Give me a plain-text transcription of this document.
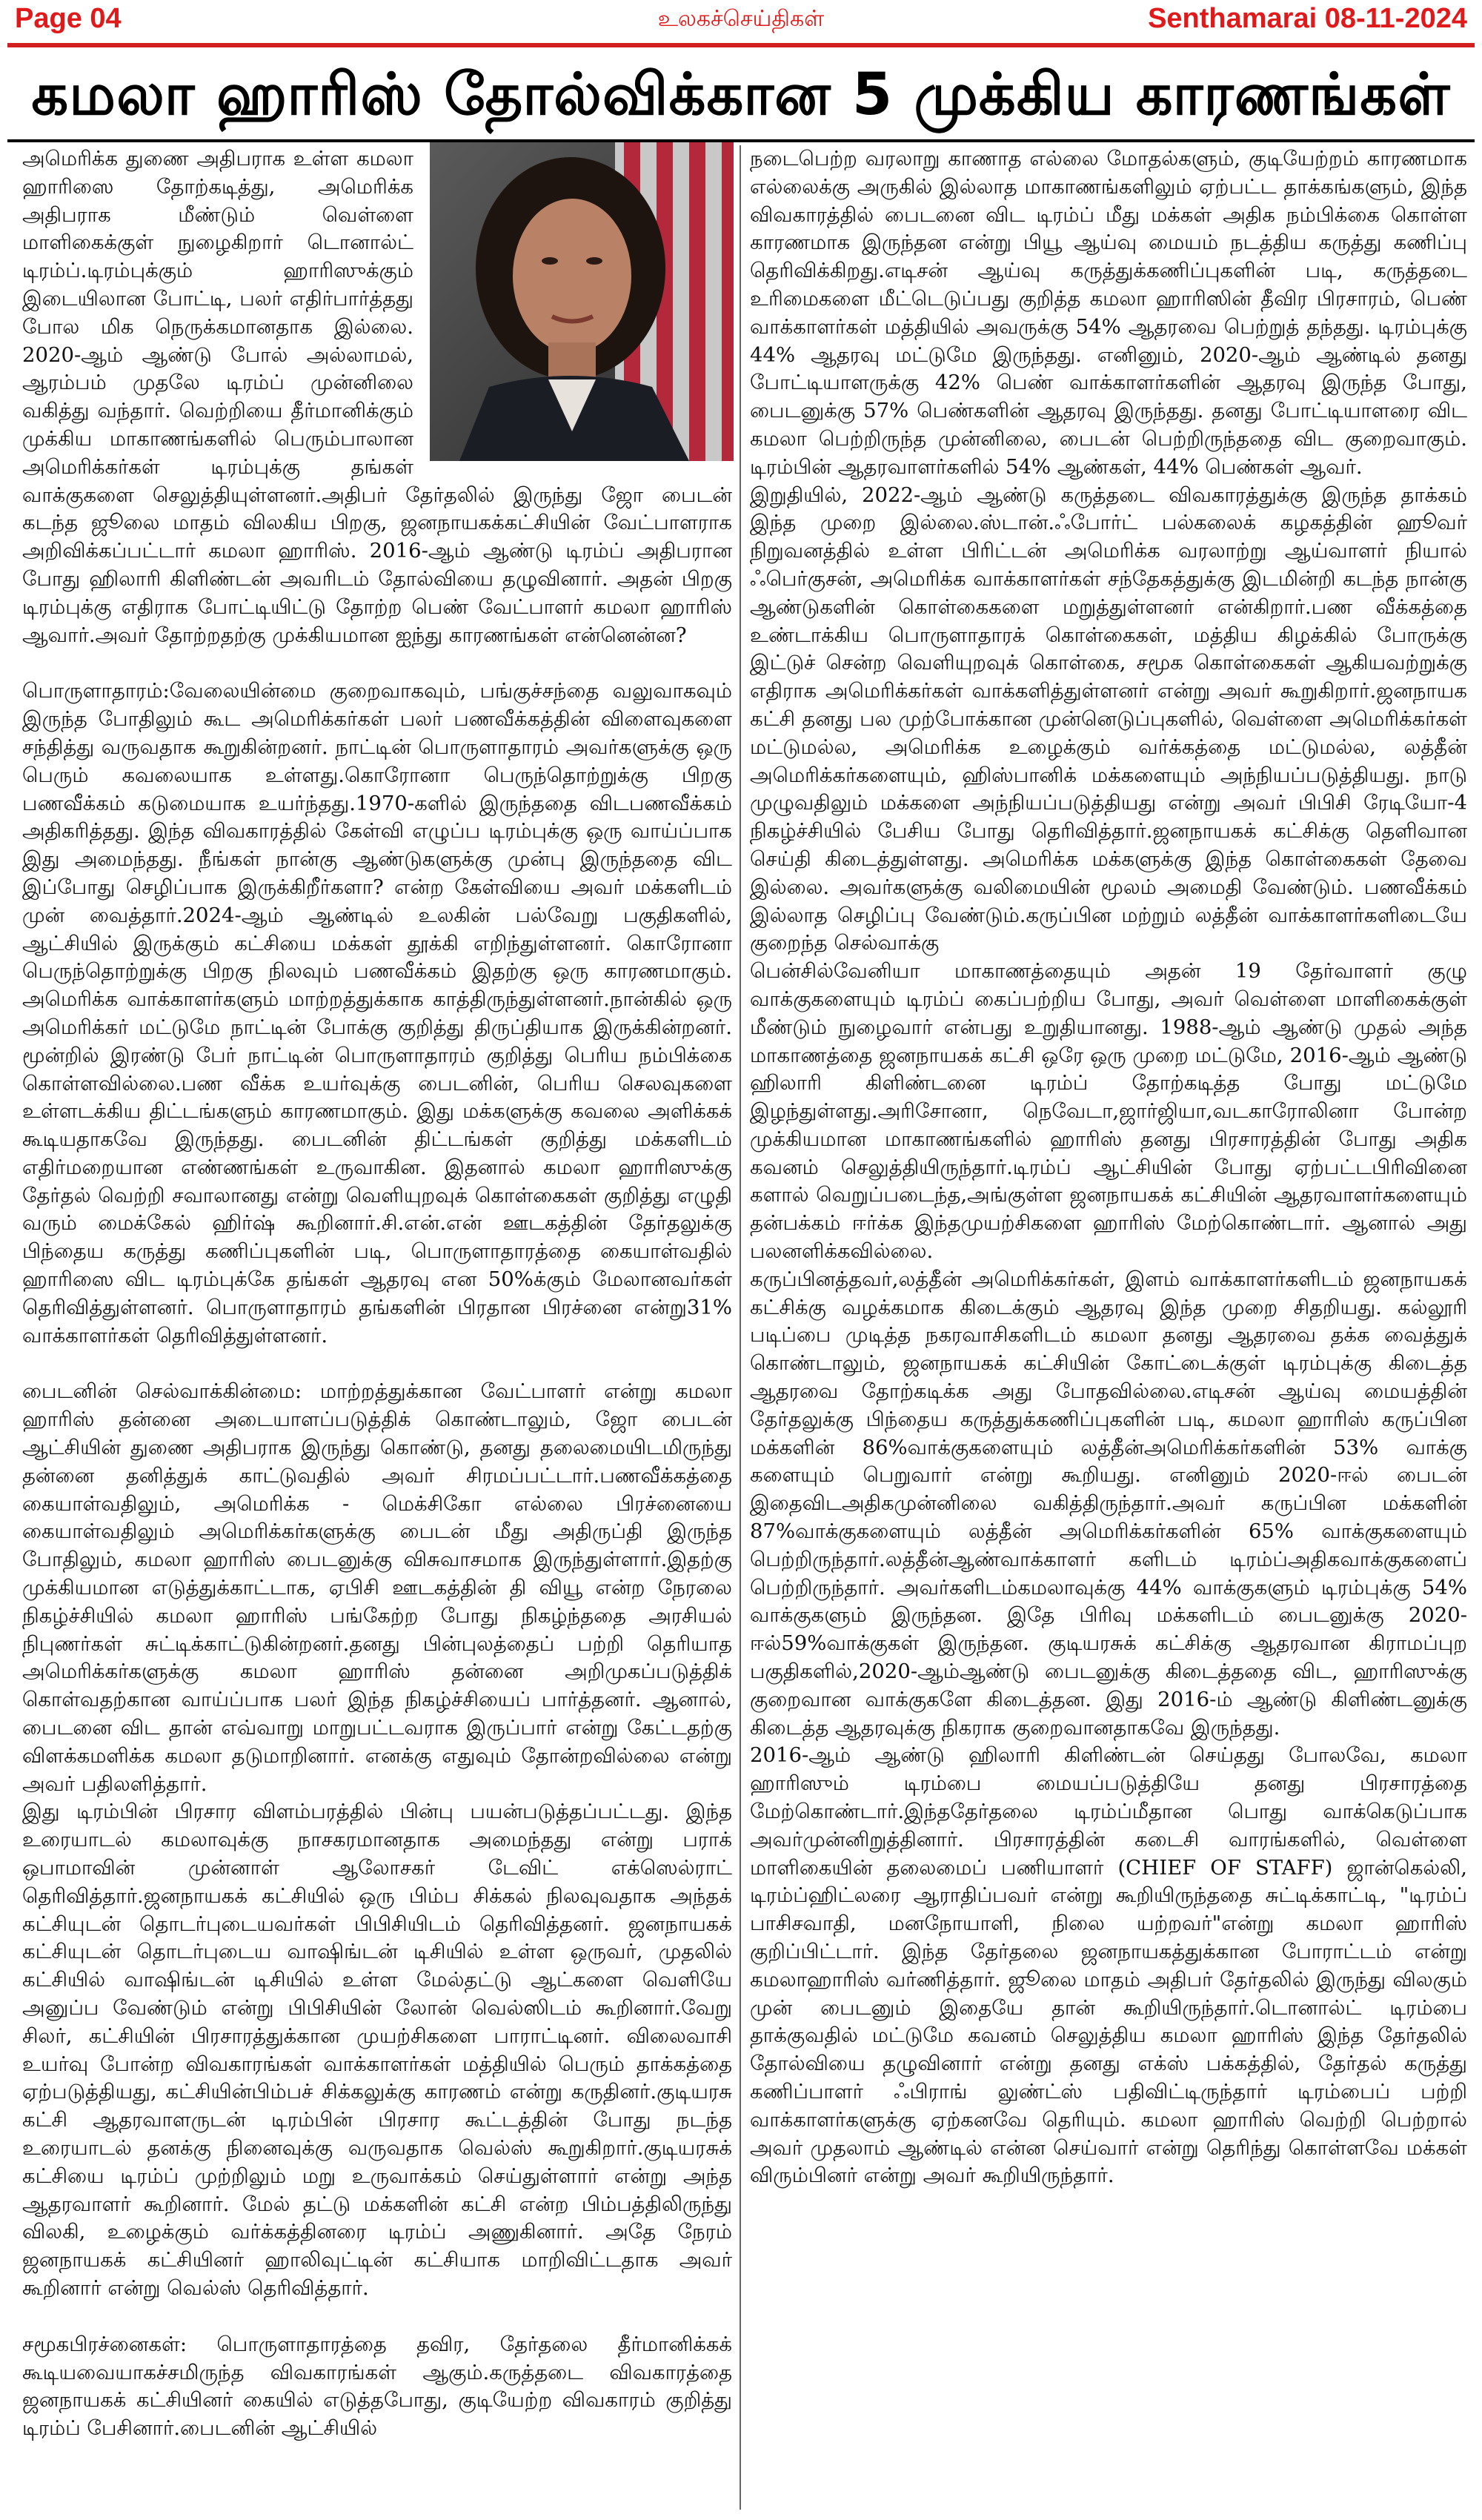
Page 04	உலகச்செய்திகள்	Senthamarai 08-11-2024
கமலா ஹாரிஸ் தோல்விக்கான 5 முக்கிய காரணங்கள்

அமெரிக்க துணை அதிபராக உள்ள கமலா ஹாரிஸை தோற்கடித்து, அமெரிக்க அதிபராக மீண்டும் வெள்ளை மாளிகைக்குள் நுழைகிறார் டொனால்ட் டிரம்ப்.டிரம்புக்கும் ஹாரிஸுக்கும் இடையிலான போட்டி, பலர் எதிர்பார்த்தது போல மிக நெருக்கமானதாக இல்லை. 2020-ஆம் ஆண்டு போல் அல்லாமல், ஆரம்பம் முதலே டிரம்ப் முன்னிலை வகித்து வந்தார். வெற்றியை தீர்மானிக்கும் முக்கிய மாகாணங்களில் பெரும்பாலான அமெரிக்கர்கள் டிரம்புக்கு தங்கள் வாக்குகளை செலுத்தியுள்ளனர்.அதிபர் தேர்தலில் இருந்து ஜோ பைடன் கடந்த ஜூலை மாதம் விலகிய பிறகு, ஜனநாயகக்கட்சியின் வேட்பாளராக அறிவிக்கப்பட்டார் கமலா ஹாரிஸ். 2016-ஆம் ஆண்டு டிரம்ப் அதிபரான போது ஹிலாரி கிளிண்டன் அவரிடம் தோல்வியை தழுவினார். அதன் பிறகு டிரம்புக்கு எதிராக போட்டியிட்டு தோற்ற பெண் வேட்பாளர் கமலா ஹாரிஸ் ஆவார்.அவர் தோற்றதற்கு முக்கியமான ஐந்து காரணங்கள் என்னென்ன?

பொருளாதாரம்:வேலையின்மை குறைவாகவும், பங்குச்சந்தை வலுவாகவும் இருந்த போதிலும் கூட அமெரிக்கர்கள் பலர் பணவீக்கத்தின் விளைவுகளை சந்தித்து வருவதாக கூறுகின்றனர். நாட்டின் பொருளாதாரம் அவர்களுக்கு ஒரு பெரும் கவலையாக உள்ளது.கொரோனா பெருந்தொற்றுக்கு பிறகு பணவீக்கம் கடுமையாக உயர்ந்தது.1970-களில் இருந்ததை விடபணவீக்கம் அதிகரித்தது. இந்த விவகாரத்தில் கேள்வி எழுப்ப டிரம்புக்கு ஒரு வாய்ப்பாக இது அமைந்தது. நீங்கள் நான்கு ஆண்டுகளுக்கு முன்பு இருந்ததை விட இப்போது செழிப்பாக இருக்கிறீர்களா? என்ற கேள்வியை அவர் மக்களிடம் முன் வைத்தார்.2024-ஆம் ஆண்டில் உலகின் பல்வேறு பகுதிகளில், ஆட்சியில் இருக்கும் கட்சியை மக்கள் தூக்கி எறிந்துள்ளனர். கொரோனா பெருந்தொற்றுக்கு பிறகு நிலவும் பணவீக்கம் இதற்கு ஒரு காரணமாகும். அமெரிக்க வாக்காளர்களும் மாற்றத்துக்காக காத்திருந்துள்ளனர்.நான்கில் ஒரு அமெரிக்கர் மட்டுமே நாட்டின் போக்கு குறித்து திருப்தியாக இருக்கின்றனர். மூன்றில் இரண்டு பேர் நாட்டின் பொருளாதாரம் குறித்து பெரிய நம்பிக்கை கொள்ளவில்லை.பண வீக்க உயர்வுக்கு பைடனின், பெரிய செலவுகளை உள்ளடக்கிய திட்டங்களும் காரணமாகும். இது மக்களுக்கு கவலை அளிக்கக் கூடியதாகவே இருந்தது. பைடனின் திட்டங்கள் குறித்து மக்களிடம் எதிர்மறையான எண்ணங்கள் உருவாகின. இதனால் கமலா ஹாரிஸுக்கு தேர்தல் வெற்றி சவாலானது என்று வெளியுறவுக் கொள்கைகள் குறித்து எழுதி வரும் மைக்கேல் ஹிர்ஷ் கூறினார்.சி.என்.என் ஊடகத்தின் தேர்தலுக்கு பிந்தைய கருத்து கணிப்புகளின் படி, பொருளாதாரத்தை கையாள்வதில் ஹாரிஸை விட டிரம்புக்கே தங்கள் ஆதரவு என 50%க்கும் மேலானவர்கள் தெரிவித்துள்ளனர். பொருளாதாரம் தங்களின் பிரதான பிரச்னை என்று31% வாக்காளர்கள் தெரிவித்துள்ளனர்.

பைடனின் செல்வாக்கின்மை: மாற்றத்துக்கான வேட்பாளர் என்று கமலா ஹாரிஸ் தன்னை அடையாளப்படுத்திக் கொண்டாலும், ஜோ பைடன் ஆட்சியின் துணை அதிபராக இருந்து கொண்டு, தனது தலைமையிடமிருந்து தன்னை தனித்துக் காட்டுவதில் அவர் சிரமப்பட்டார்.பணவீக்கத்தை கையாள்வதிலும், அமெரிக்க - மெக்சிகோ எல்லை பிரச்னையை கையாள்வதிலும் அமெரிக்கர்களுக்கு பைடன் மீது அதிருப்தி இருந்த போதிலும், கமலா ஹாரிஸ் பைடனுக்கு விசுவாசமாக இருந்துள்ளார்.இதற்கு முக்கியமான எடுத்துக்காட்டாக, ஏபிசி ஊடகத்தின் தி வியூ என்ற நேரலை நிகழ்ச்சியில் கமலா ஹாரிஸ் பங்கேற்ற போது நிகழ்ந்ததை அரசியல் நிபுணர்கள் சுட்டிக்காட்டுகின்றனர்.தனது பின்புலத்தைப் பற்றி தெரியாத அமெரிக்கர்களுக்கு கமலா ஹாரிஸ் தன்னை அறிமுகப்படுத்திக் கொள்வதற்கான வாய்ப்பாக பலர் இந்த நிகழ்ச்சியைப் பார்த்தனர். ஆனால், பைடனை விட தான் எவ்வாறு மாறுபட்டவராக இருப்பார் என்று கேட்டதற்கு விளக்கமளிக்க கமலா தடுமாறினார். எனக்கு எதுவும் தோன்றவில்லை என்று அவர் பதிலளித்தார்.

இது டிரம்பின் பிரசார விளம்பரத்தில் பின்பு பயன்படுத்தப்பட்டது. இந்த உரையாடல் கமலாவுக்கு நாசகரமானதாக அமைந்தது என்று பராக் ஒபாமாவின் முன்னாள் ஆலோசகர் டேவிட் எக்ஸெல்ராட் தெரிவித்தார்.ஜனநாயகக் கட்சியில் ஒரு பிம்ப சிக்கல் நிலவுவதாக அந்தக் கட்சியுடன் தொடர்புடையவர்கள் பிபிசியிடம் தெரிவித்தனர். ஜனநாயகக் கட்சியுடன் தொடர்புடைய வாஷிங்டன் டிசியில் உள்ள ஒருவர், முதலில் கட்சியில் வாஷிங்டன் டிசியில் உள்ள மேல்தட்டு ஆட்களை வெளியே அனுப்ப வேண்டும் என்று பிபிசியின் லோன் வெல்ஸிடம் கூறினார்.வேறு சிலர், கட்சியின் பிரசாரத்துக்கான முயற்சிகளை பாராட்டினர். விலைவாசி உயர்வு போன்ற விவகாரங்கள் வாக்காளர்கள் மத்தியில் பெரும் தாக்கத்தை ஏற்படுத்தியது, கட்சியின்பிம்பச் சிக்கலுக்கு காரணம் என்று கருதினர்.குடியரசு கட்சி ஆதரவாளருடன் டிரம்பின் பிரசார கூட்டத்தின் போது நடந்த உரையாடல் தனக்கு நினைவுக்கு வருவதாக வெல்ஸ் கூறுகிறார்.குடியரசுக் கட்சியை டிரம்ப் முற்றிலும் மறு உருவாக்கம் செய்துள்ளார் என்று அந்த ஆதரவாளர் கூறினார். மேல் தட்டு மக்களின் கட்சி என்ற பிம்பத்திலிருந்து விலகி, உழைக்கும் வர்க்கத்தினரை டிரம்ப் அணுகினார். அதே நேரம் ஜனநாயகக் கட்சியினர் ஹாலிவுட்டின் கட்சியாக மாறிவிட்டதாக அவர் கூறினார் என்று வெல்ஸ் தெரிவித்தார்.

சமூகபிரச்னைகள்: பொருளாதாரத்தை தவிர, தேர்தலை தீர்மானிக்கக் கூடியவையாகச்சமிருந்த விவகாரங்கள் ஆகும்.கருத்தடை விவகாரத்தை ஜனநாயகக் கட்சியினர் கையில் எடுத்தபோது, குடியேற்ற விவகாரம் குறித்து டிரம்ப் பேசினார்.பைடனின் ஆட்சியில்

நடைபெற்ற வரலாறு காணாத எல்லை மோதல்களும், குடியேற்றம் காரணமாக எல்லைக்கு அருகில் இல்லாத மாகாணங்களிலும் ஏற்பட்ட தாக்கங்களும், இந்த விவகாரத்தில் பைடனை விட டிரம்ப் மீது மக்கள் அதிக நம்பிக்கை கொள்ள காரணமாக இருந்தன என்று பியூ ஆய்வு மையம் நடத்திய கருத்து கணிப்பு தெரிவிக்கிறது.எடிசன் ஆய்வு கருத்துக்கணிப்புகளின் படி, கருத்தடை உரிமைகளை மீட்டெடுப்பது குறித்த கமலா ஹாரிஸின் தீவிர பிரசாரம், பெண் வாக்காளர்கள் மத்தியில் அவருக்கு 54% ஆதரவை பெற்றுத் தந்தது. டிரம்புக்கு 44% ஆதரவு மட்டுமே இருந்தது. எனினும், 2020-ஆம் ஆண்டில் தனது போட்டியாளருக்கு 42% பெண் வாக்காளர்களின் ஆதரவு இருந்த போது, பைடனுக்கு 57% பெண்களின் ஆதரவு இருந்தது. தனது போட்டியாளரை விட கமலா பெற்றிருந்த முன்னிலை, பைடன் பெற்றிருந்ததை விட குறைவாகும். டிரம்பின் ஆதரவாளர்களில் 54% ஆண்கள், 44% பெண்கள் ஆவர்.

இறுதியில், 2022-ஆம் ஆண்டு கருத்தடை விவகாரத்துக்கு இருந்த தாக்கம் இந்த முறை இல்லை.ஸ்டான்.ஃபோர்ட் பல்கலைக் கழகத்தின் ஹூவர் நிறுவனத்தில் உள்ள பிரிட்டன் அமெரிக்க வரலாற்று ஆய்வாளர் நியால் ஃபெர்குசன், அமெரிக்க வாக்காளர்கள் சந்தேகத்துக்கு இடமின்றி கடந்த நான்கு ஆண்டுகளின் கொள்கைகளை மறுத்துள்ளனர் என்கிறார்.பண வீக்கத்தை உண்டாக்கிய பொருளாதாரக் கொள்கைகள், மத்திய கிழக்கில் போருக்கு இட்டுச் சென்ற வெளியுறவுக் கொள்கை, சமூக கொள்கைகள் ஆகியவற்றுக்கு எதிராக அமெரிக்கர்கள் வாக்களித்துள்ளனர் என்று அவர் கூறுகிறார்.ஜனநாயக கட்சி தனது பல முற்போக்கான முன்னெடுப்புகளில், வெள்ளை அமெரிக்கர்கள் மட்டுமல்ல, அமெரிக்க உழைக்கும் வர்க்கத்தை மட்டுமல்ல, லத்தீன் அமெரிக்கர்களையும், ஹிஸ்பானிக் மக்களையும் அந்நியப்படுத்தியது. நாடு முழுவதிலும் மக்களை அந்நியப்படுத்தியது என்று அவர் பிபிசி ரேடியோ-4 நிகழ்ச்சியில் பேசிய போது தெரிவித்தார்.ஜனநாயகக் கட்சிக்கு தெளிவான செய்தி கிடைத்துள்ளது. அமெரிக்க மக்களுக்கு இந்த கொள்கைகள் தேவை இல்லை. அவர்களுக்கு வலிமையின் மூலம் அமைதி வேண்டும். பணவீக்கம் இல்லாத செழிப்பு வேண்டும்.கருப்பின மற்றும் லத்தீன் வாக்காளர்களிடையே குறைந்த செல்வாக்கு

பென்சில்வேனியா மாகாணத்தையும் அதன் 19 தேர்வாளர் குழு வாக்குகளையும் டிரம்ப் கைப்பற்றிய போது, அவர் வெள்ளை மாளிகைக்குள் மீண்டும் நுழைவார் என்பது உறுதியானது. 1988-ஆம் ஆண்டு முதல் அந்த மாகாணத்தை ஜனநாயகக் கட்சி ஒரே ஒரு முறை மட்டுமே, 2016-ஆம் ஆண்டு ஹிலாரி கிளிண்டனை டிரம்ப் தோற்கடித்த போது மட்டுமே இழந்துள்ளது.அரிசோனா, நெவேடா,ஜார்ஜியா,வடகாரோலினா போன்ற முக்கியமான மாகாணங்களில் ஹாரிஸ் தனது பிரசாரத்தின் போது அதிக கவனம் செலுத்தியிருந்தார்.டிரம்ப் ஆட்சியின் போது ஏற்பட்டபிரிவினை களால் வெறுப்படைந்த,அங்குள்ள ஜனநாயகக் கட்சியின் ஆதரவாளர்களையும் தன்பக்கம் ஈர்க்க இந்தமுயற்சிகளை ஹாரிஸ் மேற்கொண்டார். ஆனால் அது பலனளிக்கவில்லை.

கருப்பினத்தவர்,லத்தீன் அமெரிக்கர்கள், இளம் வாக்காளர்களிடம் ஜனநாயகக் கட்சிக்கு வழக்கமாக கிடைக்கும் ஆதரவு இந்த முறை சிதறியது. கல்லூரி படிப்பை முடித்த நகரவாசிகளிடம் கமலா தனது ஆதரவை தக்க வைத்துக் கொண்டாலும், ஜனநாயகக் கட்சியின் கோட்டைக்குள் டிரம்புக்கு கிடைத்த ஆதரவை தோற்கடிக்க அது போதவில்லை.எடிசன் ஆய்வு மையத்தின் தேர்தலுக்கு பிந்தைய கருத்துக்கணிப்புகளின் படி, கமலா ஹாரிஸ் கருப்பின மக்களின் 86%வாக்குகளையும் லத்தீன்அமெரிக்கர்களின் 53% வாக்கு களையும் பெறுவார் என்று கூறியது. எனினும் 2020-ஈல் பைடன் இதைவிடஅதிகமுன்னிலை வகித்திருந்தார்.அவர் கருப்பின மக்களின் 87%வாக்குகளையும் லத்தீன் அமெரிக்கர்களின் 65% வாக்குகளையும் பெற்றிருந்தார்.லத்தீன்ஆண்வாக்காளர் களிடம் டிரம்ப்அதிகவாக்குகளைப் பெற்றிருந்தார். அவர்களிடம்கமலாவுக்கு 44% வாக்குகளும் டிரம்புக்கு 54% வாக்குகளும் இருந்தன. இதே பிரிவு மக்களிடம் பைடனுக்கு 2020-ஈல்59%வாக்குகள் இருந்தன. குடியரசுக் கட்சிக்கு ஆதரவான கிராமப்புற பகுதிகளில்,2020-ஆம்ஆண்டு பைடனுக்கு கிடைத்ததை விட, ஹாரிஸுக்கு குறைவான வாக்குகளே கிடைத்தன. இது 2016-ம் ஆண்டு கிளிண்டனுக்கு கிடைத்த ஆதரவுக்கு நிகராக குறைவானதாகவே இருந்தது.

2016-ஆம் ஆண்டு ஹிலாரி கிளிண்டன் செய்தது போலவே, கமலா ஹாரிஸும் டிரம்பை மையப்படுத்தியே தனது பிரசாரத்தை மேற்கொண்டார்.இந்ததேர்தலை டிரம்ப்மீதான பொது வாக்கெடுப்பாக அவர்முன்னிறுத்தினார். பிரசாரத்தின் கடைசி வாரங்களில், வெள்ளை மாளிகையின் தலைமைப் பணியாளர் (CHIEF OF STAFF) ஜான்கெல்லி, டிரம்ப்ஹிட்லரை ஆராதிப்பவர் என்று கூறியிருந்ததை சுட்டிக்காட்டி, "டிரம்ப் பாசிசவாதி, மனநோயாளி, நிலை யற்றவர்"என்று கமலா ஹாரிஸ் குறிப்பிட்டார். இந்த தேர்தலை ஜனநாயகத்துக்கான போராட்டம் என்று கமலாஹாரிஸ் வர்ணித்தார். ஜூலை மாதம் அதிபர் தேர்தலில் இருந்து விலகும் முன் பைடனும் இதையே தான் கூறியிருந்தார்.டொனால்ட் டிரம்பை தாக்குவதில் மட்டுமே கவனம் செலுத்திய கமலா ஹாரிஸ் இந்த தேர்தலில் தோல்வியை தழுவினார் என்று தனது எக்ஸ் பக்கத்தில், தேர்தல் கருத்து கணிப்பாளர் ஃபிராங் லுண்ட்ஸ் பதிவிட்டிருந்தார் டிரம்பைப் பற்றி வாக்காளர்களுக்கு ஏற்கனவே தெரியும். கமலா ஹாரிஸ் வெற்றி பெற்றால் அவர் முதலாம் ஆண்டில் என்ன செய்வார் என்று தெரிந்து கொள்ளவே மக்கள் விரும்பினர் என்று அவர் கூறியிருந்தார்.
